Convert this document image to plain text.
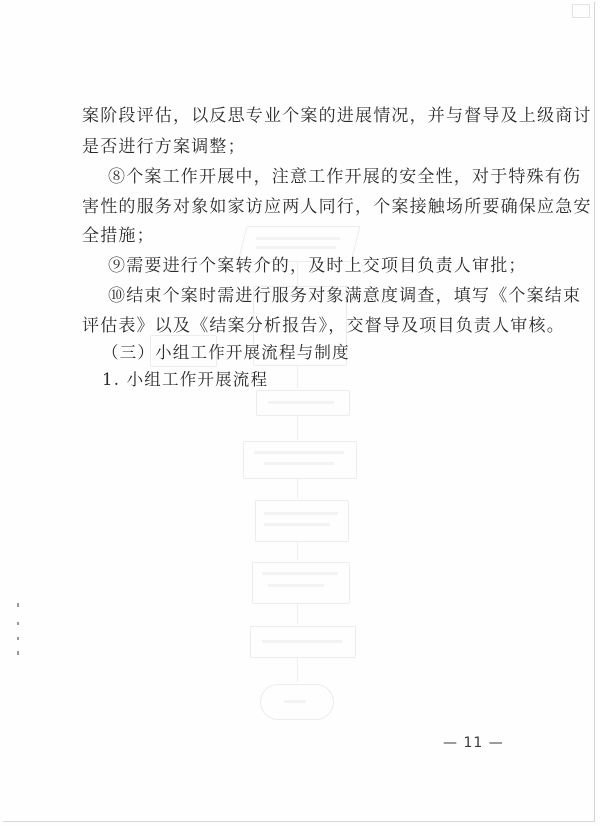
案阶段评估，以反思专业个案的进展情况，并与督导及上级商讨
是否进行方案调整；
⑧个案工作开展中，注意工作开展的安全性，对于特殊有伤
害性的服务对象如家访应两人同行，个案接触场所要确保应急安
全措施；
⑨需要进行个案转介的，及时上交项目负责人审批；
⑩结束个案时需进行服务对象满意度调查，填写《个案结束
评估表》以及《结案分析报告》，交督导及项目负责人审核。
（三）小组工作开展流程与制度
1. 小组工作开展流程
— 11 —
